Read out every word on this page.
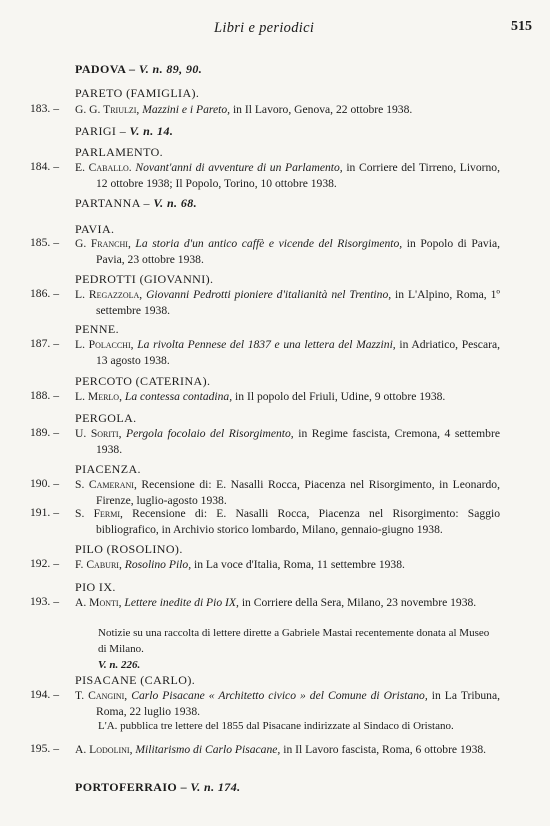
Libri e periodici	515
PADOVA – V. n. 89, 90.
PARETO (FAMIGLIA).
183. – G. G. Triulzi, Mazzini e i Pareto, in Il Lavoro, Genova, 22 ottobre 1938.
PARIGI – V. n. 14.
PARLAMENTO.
184. – E. Caballo. Novant'anni di avventure di un Parlamento, in Corriere del Tirreno, Livorno, 12 ottobre 1938; Il Popolo, Torino, 10 ottobre 1938.
PARTANNA – V. n. 68.
PAVIA.
185. – G. Franchi, La storia d'un antico caffè e vicende del Risorgimento, in Popolo di Pavia, Pavia, 23 ottobre 1938.
PEDROTTI (GIOVANNI).
186. – L. Regazzola, Giovanni Pedrotti pioniere d'italianità nel Trentino, in L'Alpino, Roma, 1º settembre 1938.
PENNE.
187. – L. Polacchi, La rivolta Pennese del 1837 e una lettera del Mazzini, in Adriatico, Pescara, 13 agosto 1938.
PERCOTO (CATERINA).
188. – L. Merlo, La contessa contadina, in Il popolo del Friuli, Udine, 9 ottobre 1938.
PERGOLA.
189. – U. Soriti, Pergola focolaio del Risorgimento, in Regime fascista, Cremona, 4 settembre 1938.
PIACENZA.
190. – S. Camerani, Recensione di: E. Nasalli Rocca, Piacenza nel Risorgimento, in Leonardo, Firenze, luglio-agosto 1938.
191. – S. Fermi, Recensione di: E. Nasalli Rocca, Piacenza nel Risorgimento: Saggio bibliografico, in Archivio storico lombardo, Milano, gennaio-giugno 1938.
PILO (ROSOLINO).
192. – F. Caburi, Rosolino Pilo, in La voce d'Italia, Roma, 11 settembre 1938.
PIO IX.
193. – A. Monti, Lettere inedite di Pio IX, in Corriere della Sera, Milano, 23 novembre 1938.
Notizie su una raccolta di lettere dirette a Gabriele Mastai recentemente donata al Museo di Milano.
V. n. 226.
PISACANE (CARLO).
194. – T. Cangini, Carlo Pisacane « Architetto civico » del Comune di Oristano, in La Tribuna, Roma, 22 luglio 1938.
L'A. pubblica tre lettere del 1855 dal Pisacane indirizzate al Sindaco di Oristano.
195. – A. Lodolini, Militarismo di Carlo Pisacane, in Il Lavoro fascista, Roma, 6 ottobre 1938.
PORTOFERRAIO – V. n. 174.
